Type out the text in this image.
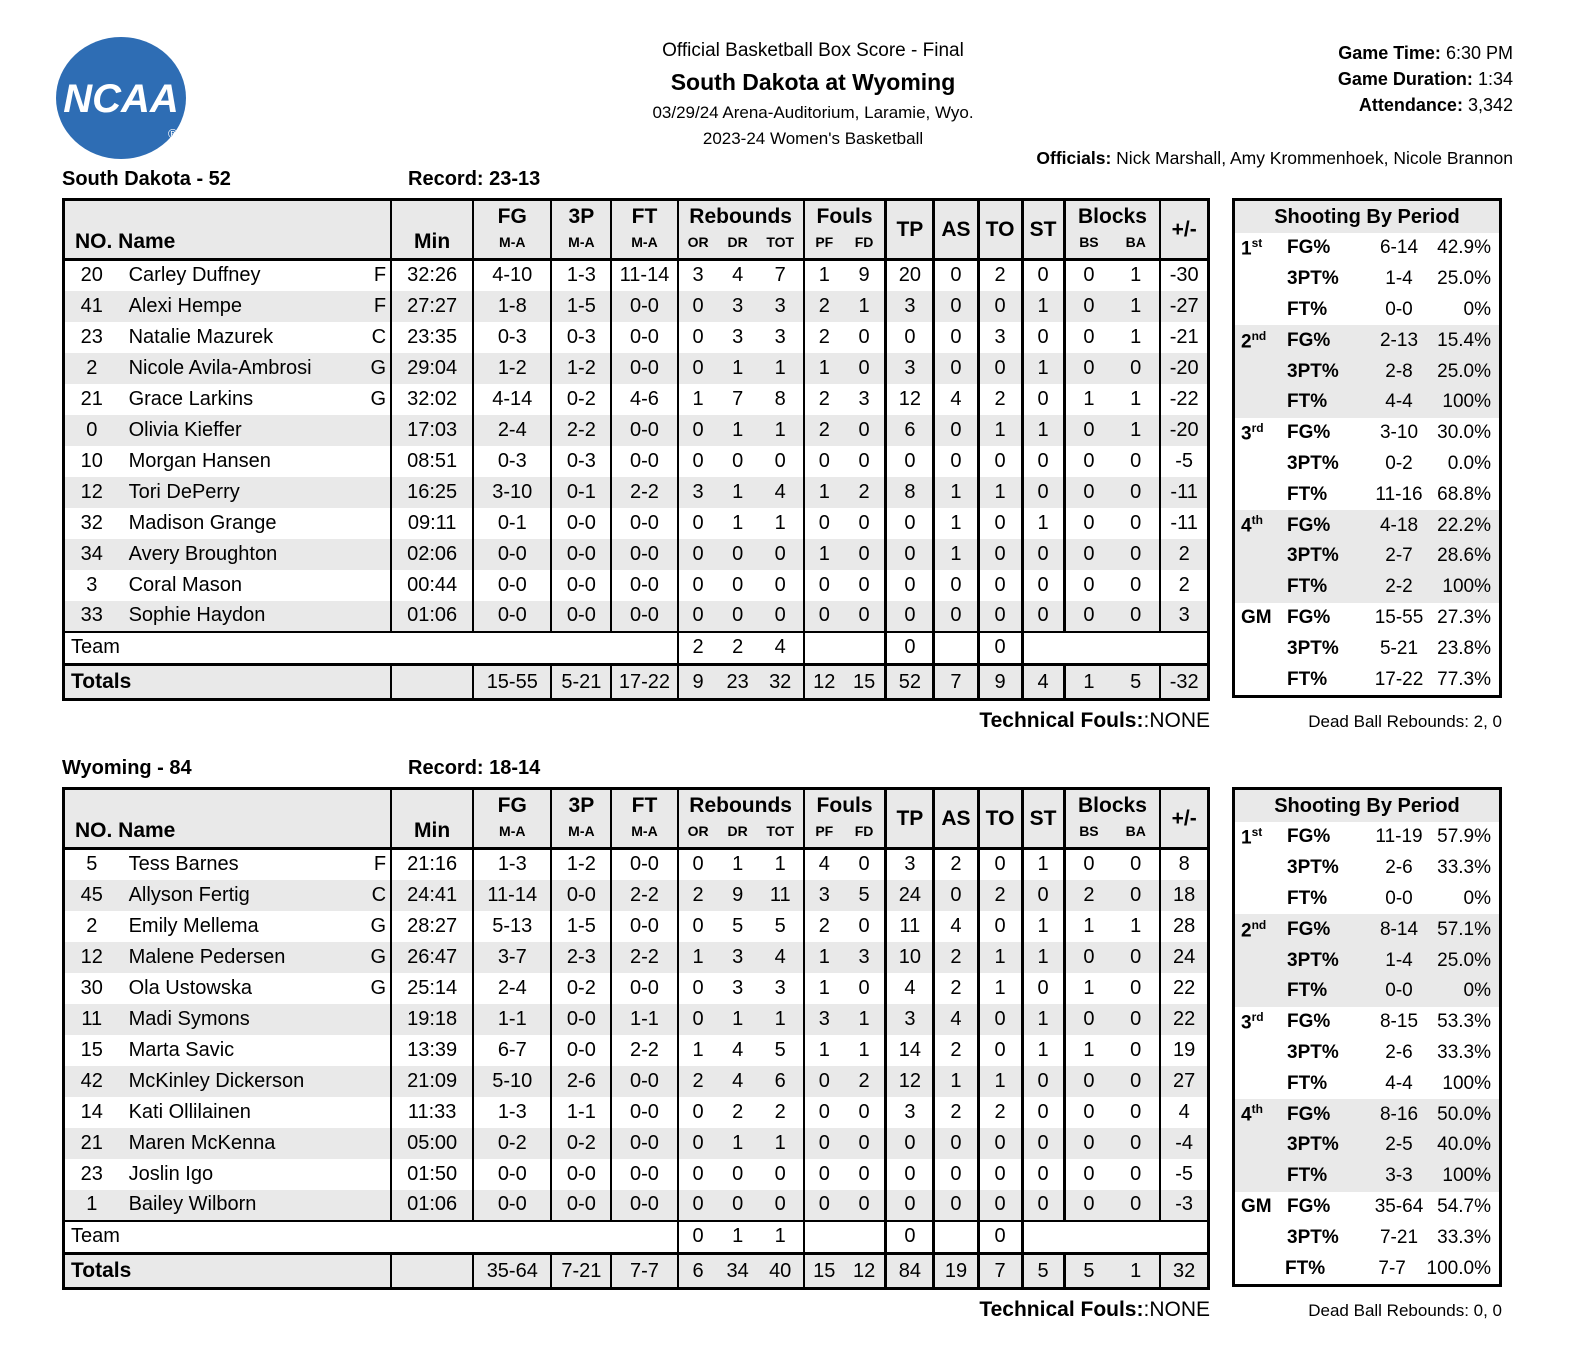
NCAA
®
Official Basketball Box Score - Final
South Dakota at Wyoming
03/29/24 Arena-Auditorium, Laramie, Wyo.
2023-24 Women's Basketball
Game Time: 6:30 PM
Game Duration: 1:34
Attendance: 3,342
Officials: Nick Marshall, Amy Krommenhoek, Nicole Brannon
South Dakota - 52	Record: 23-13
NO. Name		Min	FG	3P	FT	Rebounds			Fouls		TP	AS	TO	ST	Blocks		+/-
			M-A	M-A	M-A	OR	DR	TOT	PF	FD					BS	BA	
20	Carley Duffney F	32:26	4-10	1-3	11-14	3	4	7	1	9	20	0	2	0	0	1	-30
41	Alexi Hempe F	27:27	1-8	1-5	0-0	0	3	3	2	1	3	0	0	1	0	1	-27
23	Natalie Mazurek C	23:35	0-3	0-3	0-0	0	3	3	2	0	0	0	3	0	0	1	-21
2	Nicole Avila-Ambrosi G	29:04	1-2	1-2	0-0	0	1	1	1	0	3	0	0	1	0	0	-20
21	Grace Larkins G	32:02	4-14	0-2	4-6	1	7	8	2	3	12	4	2	0	1	1	-22
0	Olivia Kieffer	17:03	2-4	2-2	0-0	0	1	1	2	0	6	0	1	1	0	1	-20
10	Morgan Hansen	08:51	0-3	0-3	0-0	0	0	0	0	0	0	0	0	0	0	0	-5
12	Tori DePerry	16:25	3-10	0-1	2-2	3	1	4	1	2	8	1	1	0	0	0	-11
32	Madison Grange	09:11	0-1	0-0	0-0	0	1	1	0	0	0	1	0	1	0	0	-11
34	Avery Broughton	02:06	0-0	0-0	0-0	0	0	0	1	0	0	1	0	0	0	0	2
3	Coral Mason	00:44	0-0	0-0	0-0	0	0	0	0	0	0	0	0	0	0	0	2
33	Sophie Haydon	01:06	0-0	0-0	0-0	0	0	0	0	0	0	0	0	0	0	0	3
Team						2	2	4			0		0				
Totals			15-55	5-21	17-22	9	23	32	12	15	52	7	9	4	1	5	-32
Shooting By Period
1st	FG%	6-14	42.9%
3PT%	1-4	25.0%
FT%	0-0	0%
2nd	FG%	2-13	15.4%
3PT%	2-8	25.0%
FT%	4-4	100%
3rd	FG%	3-10	30.0%
3PT%	0-2	0.0%
FT%	11-16 68.8%
4th	FG%	4-18	22.2%
3PT%	2-7	28.6%
FT%	2-2	100%
GM FG%	15-55 27.3%
3PT%	5-21	23.8%
FT%	17-22 77.3%
Technical Fouls::NONE	Dead Ball Rebounds: 2, 0
Wyoming - 84	Record: 18-14
NO. Name		Min	FG	3P	FT	Rebounds			Fouls		TP	AS	TO	ST	Blocks		+/-
			M-A	M-A	M-A	OR	DR	TOT	PF	FD					BS	BA	
5	Tess Barnes F	21:16	1-3	1-2	0-0	0	1	1	4	0	3	2	0	1	0	0	8
45	Allyson Fertig C	24:41	11-14	0-0	2-2	2	9	11	3	5	24	0	2	0	2	0	18
2	Emily Mellema G	28:27	5-13	1-5	0-0	0	5	5	2	0	11	4	0	1	1	1	28
12	Malene Pedersen G	26:47	3-7	2-3	2-2	1	3	4	1	3	10	2	1	1	0	0	24
30	Ola Ustowska G	25:14	2-4	0-2	0-0	0	3	3	1	0	4	2	1	0	1	0	22
11	Madi Symons	19:18	1-1	0-0	1-1	0	1	1	3	1	3	4	0	1	0	0	22
15	Marta Savic	13:39	6-7	0-0	2-2	1	4	5	1	1	14	2	0	1	1	0	19
42	McKinley Dickerson	21:09	5-10	2-6	0-0	2	4	6	0	2	12	1	1	0	0	0	27
14	Kati Ollilainen	11:33	1-3	1-1	0-0	0	2	2	0	0	3	2	2	0	0	0	4
21	Maren McKenna	05:00	0-2	0-2	0-0	0	1	1	0	0	0	0	0	0	0	0	-4
23	Joslin Igo	01:50	0-0	0-0	0-0	0	0	0	0	0	0	0	0	0	0	0	-5
1	Bailey Wilborn	01:06	0-0	0-0	0-0	0	0	0	0	0	0	0	0	0	0	0	-3
Team						0	1	1			0		0				
Totals			35-64	7-21	7-7	6	34	40	15	12	84	19	7	5	5	1	32
Shooting By Period
1st	FG%	11-19 57.9%
3PT%	2-6	33.3%
FT%	0-0	0%
2nd	FG%	8-14	57.1%
3PT%	1-4	25.0%
FT%	0-0	0%
3rd	FG%	8-15	53.3%
3PT%	2-6	33.3%
FT%	4-4	100%
4th	FG%	8-16	50.0%
3PT%	2-5	40.0%
FT%	3-3	100%
GM FG%	35-64 54.7%
3PT%	7-21	33.3%
FT%	7-7	100.0%
Technical Fouls::NONE	Dead Ball Rebounds: 0, 0
